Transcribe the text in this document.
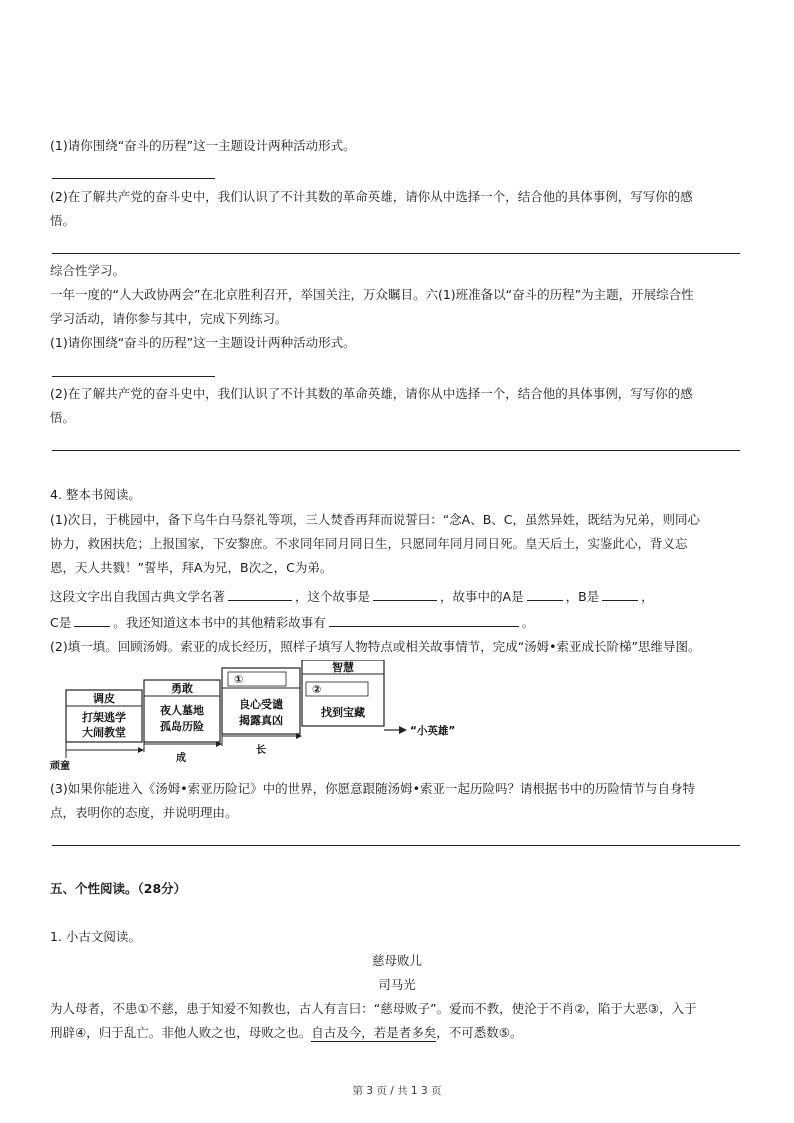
(1)请你围绕“奋斗的历程”这一主题设计两种活动形式。
(2)在了解共产党的奋斗史中，我们认识了不计其数的革命英雄，请你从中选择一个，结合他的具体事例，写写你的感
悟。
综合性学习。
一年一度的“人大政协两会”在北京胜利召开，举国关注，万众瞩目。六(1)班准备以“奋斗的历程”为主题，开展综合性
学习活动，请你参与其中，完成下列练习。
(1)请你围绕“奋斗的历程”这一主题设计两种活动形式。
(2)在了解共产党的奋斗史中，我们认识了不计其数的革命英雄，请你从中选择一个，结合他的具体事例，写写你的感
悟。
4. 整本书阅读。
(1)次日，于桃园中，备下乌牛白马祭礼等项，三人焚香再拜而说誓曰：“念A、B、C，虽然异姓，既结为兄弟，则同心
协力，救困扶危；上报国家，下安黎庶。不求同年同月同日生，只愿同年同月同日死。皇天后土，实鉴此心，背义忘
恩，天人共戮！”誓毕，拜A为兄，B次之，C为弟。
这段文字出自我国古典文学名著	，这个故事是	，故事中的A是	，B是	，
C是	。我还知道这本书中的其他精彩故事有	。
(2)填一填。回顾汤姆。索亚的成长经历，照样子填写人物特点或相关故事情节，完成“汤姆•索亚成长阶梯”思维导图。
调皮
打架逃学
大闹教堂
勇敢
夜人墓地
孤岛历险
①
良心受谴
揭露真凶
智慧
②
找到宝藏
“小英雄”
顽童
成
长
(3)如果你能进入《汤姆•索亚历险记》中的世界，你愿意跟随汤姆•索亚一起历险吗？请根据书中的历险情节与自身特
点，表明你的态度，并说明理由。
五、个性阅读。（28分）
1. 小古文阅读。
慈母败儿
司马光
为人母者，不患①不慈，患于知爱不知教也，古人有言曰：“慈母败子”。爱而不教，使沦于不肖②，陷于大恶③，入于
刑辟④，归于乱亡。非他人败之也，母败之也。自古及今，若是者多矣，不可悉数⑤。
第 3 页 / 共 1 3 页
